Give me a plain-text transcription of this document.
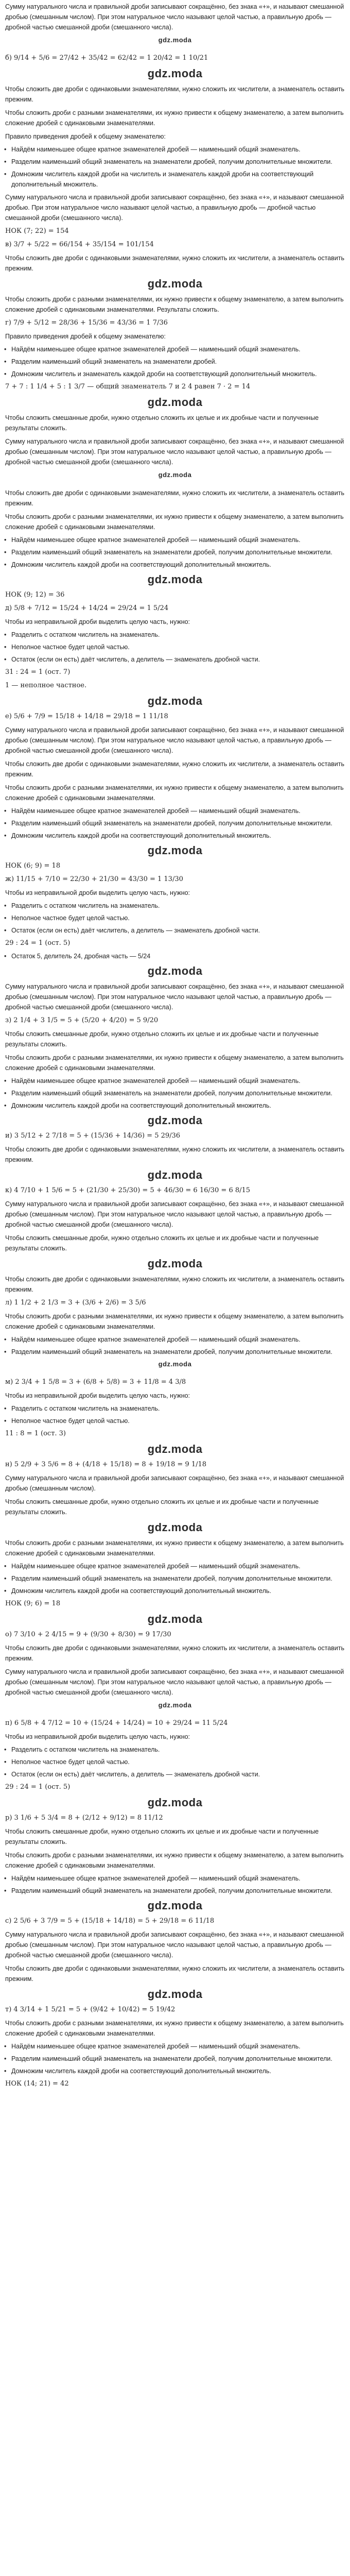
Сумму натурального числа и правильной дроби записывают сокращённо, без знака «+», и называют смешанной дробью (смешанным числом). При этом натуральное число называют целой частью, а правильную дробь — дробной частью смешанной дроби (смешанного числа).

gdz.moda
б) 9/14 + 5/6 = 27/42 + 35/42 = 62/42 = 1 20/42 = 1 10/21
gdz.moda

Чтобы сложить две дроби с одинаковыми знаменателями, нужно сложить их числители, а знаменатель оставить прежним.

Чтобы сложить дроби с разными знаменателями, их нужно привести к общему знаменателю, а затем выполнить сложение дробей с одинаковыми знаменателями.

Правило приведения дробей к общему знаменателю:

• Найдём наименьшее общее кратное знаменателей дробей — наименьший общий знаменатель.
• Разделим наименьший общий знаменатель на знаменатели дробей, получим дополнительные множители.
• Домножим числитель каждой дроби на числитель и знаменатель каждой дроби на соответствующий дополнительный множитель.

Сумму натурального числа и правильной дроби записывают сокращённо, без знака «+», и называют смешанной дробью. При этом натуральное число называют целой частью, а правильную дробь — дробной частью смешанной дроби (смешанного числа).

НОК (7; 22) = 154
в) 3/7 + 5/22 = 66/154 + 35/154 = 101/154

Чтобы сложить две дроби с одинаковыми знаменателями, нужно сложить их числители, а знаменатель оставить прежним.

gdz.moda

Чтобы сложить дроби с разными знаменателями, их нужно привести к общему знаменателю, а затем выполнить сложение дробей с одинаковыми знаменателями. Результаты сложить.

г) 7/9 + 5/12 = 28/36 + 15/36 = 43/36 = 1 7/36

Правило приведения дробей к общему знаменателю:

• Найдём наименьшее общее кратное знаменателей дробей — наименьший общий знаменатель.
• Разделим наименьший общий знаменатель на знаменатели дробей.
• Домножим числитель и знаменатель каждой дроби на соответствующий дополнительный множитель.
7 + 7 : 1 1/4 + 5 : 1 3/7 — общий знаменатель 7 и 2 4 равен 7 · 2 = 14
gdz.moda

Чтобы сложить смешанные дроби, нужно отдельно сложить их целые и их дробные части и полученные результаты сложить.

Сумму натурального числа и правильной дроби записывают сокращённо, без знака «+», и называют смешанной дробью (смешанным числом). При этом натуральное число называют целой частью, а правильную дробь — дробной частью смешанной дроби (смешанного числа).

gdz.moda

Чтобы сложить две дроби с одинаковыми знаменателями, нужно сложить их числители, а знаменатель оставить прежним.

Чтобы сложить дроби с разными знаменателями, их нужно привести к общему знаменателю, а затем выполнить сложение дробей с одинаковыми знаменателями.

• Найдём наименьшее общее кратное знаменателей дробей — наименьший общий знаменатель.
• Разделим наименьший общий знаменатель на знаменатели дробей, получим дополнительные множители.
• Домножим числитель каждой дроби на соответствующий дополнительный множитель.
gdz.moda
НОК (9; 12) = 36
д) 5/8 + 7/12 = 15/24 + 14/24 = 29/24 = 1 5/24

Чтобы из неправильной дроби выделить целую часть, нужно:

• Разделить с остатком числитель на знаменатель.
• Неполное частное будет целой частью.
• Остаток (если он есть) даёт числитель, а делитель — знаменатель дробной части.
31 : 24 = 1 (ост. 7)
1 — неполное частное.
gdz.moda
е) 5/6 + 7/9 = 15/18 + 14/18 = 29/18 = 1 11/18

Сумму натурального числа и правильной дроби записывают сокращённо, без знака «+», и называют смешанной дробью (смешанным числом). При этом натуральное число называют целой частью, а правильную дробь — дробной частью смешанной дроби (смешанного числа).

Чтобы сложить две дроби с одинаковыми знаменателями, нужно сложить их числители, а знаменатель оставить прежним.

Чтобы сложить дроби с разными знаменателями, их нужно привести к общему знаменателю, а затем выполнить сложение дробей с одинаковыми знаменателями.

• Найдём наименьшее общее кратное знаменателей дробей — наименьший общий знаменатель.
• Разделим наименьший общий знаменатель на знаменатели дробей, получим дополнительные множители.
• Домножим числитель каждой дроби на соответствующий дополнительный множитель.
gdz.moda
НОК (6; 9) = 18
ж) 11/15 + 7/10 = 22/30 + 21/30 = 43/30 = 1 13/30

Чтобы из неправильной дроби выделить целую часть, нужно:

• Разделить с остатком числитель на знаменатель.
• Неполное частное будет целой частью.
• Остаток (если он есть) даёт числитель, а делитель — знаменатель дробной части.
29 : 24 = 1 (ост. 5)
• Остаток 5, делитель 24, дробная часть — 5/24
gdz.moda

Сумму натурального числа и правильной дроби записывают сокращённо, без знака «+», и называют смешанной дробью (смешанным числом). При этом натуральное число называют целой частью, а правильную дробь — дробной частью смешанной дроби (смешанного числа).

з) 2 1/4 + 3 1/5 = 5 + (5/20 + 4/20) = 5 9/20

Чтобы сложить смешанные дроби, нужно отдельно сложить их целые и их дробные части и полученные результаты сложить.

Чтобы сложить дроби с разными знаменателями, их нужно привести к общему знаменателю, а затем выполнить сложение дробей с одинаковыми знаменателями.

• Найдём наименьшее общее кратное знаменателей дробей — наименьший общий знаменатель.
• Разделим наименьший общий знаменатель на знаменатели дробей, получим дополнительные множители.
• Домножим числитель каждой дроби на соответствующий дополнительный множитель.
gdz.moda
и) 3 5/12 + 2 7/18 = 5 + (15/36 + 14/36) = 5 29/36

Чтобы сложить две дроби с одинаковыми знаменателями, нужно сложить их числители, а знаменатель оставить прежним.

gdz.moda
к) 4 7/10 + 1 5/6 = 5 + (21/30 + 25/30) = 5 + 46/30 = 6 16/30 = 6 8/15

Сумму натурального числа и правильной дроби записывают сокращённо, без знака «+», и называют смешанной дробью (смешанным числом). При этом натуральное число называют целой частью, а правильную дробь — дробной частью смешанной дроби (смешанного числа).

Чтобы сложить смешанные дроби, нужно отдельно сложить их целые и их дробные части и полученные результаты сложить.

gdz.moda

Чтобы сложить две дроби с одинаковыми знаменателями, нужно сложить их числители, а знаменатель оставить прежним.

л) 1 1/2 + 2 1/3 = 3 + (3/6 + 2/6) = 3 5/6

Чтобы сложить дроби с разными знаменателями, их нужно привести к общему знаменателю, а затем выполнить сложение дробей с одинаковыми знаменателями.

• Найдём наименьшее общее кратное знаменателей дробей — наименьший общий знаменатель.
• Разделим наименьший общий знаменатель на знаменатели дробей, получим дополнительные множители.
gdz.moda
м) 2 3/4 + 1 5/8 = 3 + (6/8 + 5/8) = 3 + 11/8 = 4 3/8

Чтобы из неправильной дроби выделить целую часть, нужно:

• Разделить с остатком числитель на знаменатель.
• Неполное частное будет целой частью.
11 : 8 = 1 (ост. 3)
gdz.moda
н) 5 2/9 + 3 5/6 = 8 + (4/18 + 15/18) = 8 + 19/18 = 9 1/18

Сумму натурального числа и правильной дроби записывают сокращённо, без знака «+», и называют смешанной дробью (смешанным числом).

Чтобы сложить смешанные дроби, нужно отдельно сложить их целые и их дробные части и полученные результаты сложить.

gdz.moda

Чтобы сложить дроби с разными знаменателями, их нужно привести к общему знаменателю, а затем выполнить сложение дробей с одинаковыми знаменателями.

• Найдём наименьшее общее кратное знаменателей дробей — наименьший общий знаменатель.
• Разделим наименьший общий знаменатель на знаменатели дробей, получим дополнительные множители.
• Домножим числитель каждой дроби на соответствующий дополнительный множитель.
НОК (9; 6) = 18
gdz.moda
о) 7 3/10 + 2 4/15 = 9 + (9/30 + 8/30) = 9 17/30

Чтобы сложить две дроби с одинаковыми знаменателями, нужно сложить их числители, а знаменатель оставить прежним.

Сумму натурального числа и правильной дроби записывают сокращённо, без знака «+», и называют смешанной дробью (смешанным числом). При этом натуральное число называют целой частью, а правильную дробь — дробной частью смешанной дроби (смешанного числа).

gdz.moda
п) 6 5/8 + 4 7/12 = 10 + (15/24 + 14/24) = 10 + 29/24 = 11 5/24

Чтобы из неправильной дроби выделить целую часть, нужно:

• Разделить с остатком числитель на знаменатель.
• Неполное частное будет целой частью.
• Остаток (если он есть) даёт числитель, а делитель — знаменатель дробной части.
29 : 24 = 1 (ост. 5)
gdz.moda
р) 3 1/6 + 5 3/4 = 8 + (2/12 + 9/12) = 8 11/12

Чтобы сложить смешанные дроби, нужно отдельно сложить их целые и их дробные части и полученные результаты сложить.

Чтобы сложить дроби с разными знаменателями, их нужно привести к общему знаменателю, а затем выполнить сложение дробей с одинаковыми знаменателями.

• Найдём наименьшее общее кратное знаменателей дробей — наименьший общий знаменатель.
• Разделим наименьший общий знаменатель на знаменатели дробей, получим дополнительные множители.
gdz.moda
с) 2 5/6 + 3 7/9 = 5 + (15/18 + 14/18) = 5 + 29/18 = 6 11/18

Сумму натурального числа и правильной дроби записывают сокращённо, без знака «+», и называют смешанной дробью (смешанным числом). При этом натуральное число называют целой частью, а правильную дробь — дробной частью смешанной дроби (смешанного числа).

Чтобы сложить две дроби с одинаковыми знаменателями, нужно сложить их числители, а знаменатель оставить прежним.

gdz.moda
т) 4 3/14 + 1 5/21 = 5 + (9/42 + 10/42) = 5 19/42

Чтобы сложить дроби с разными знаменателями, их нужно привести к общему знаменателю, а затем выполнить сложение дробей с одинаковыми знаменателями.

• Найдём наименьшее общее кратное знаменателей дробей — наименьший общий знаменатель.
• Разделим наименьший общий знаменатель на знаменатели дробей, получим дополнительные множители.
• Домножим числитель каждой дроби на соответствующий дополнительный множитель.
НОК (14; 21) = 42
